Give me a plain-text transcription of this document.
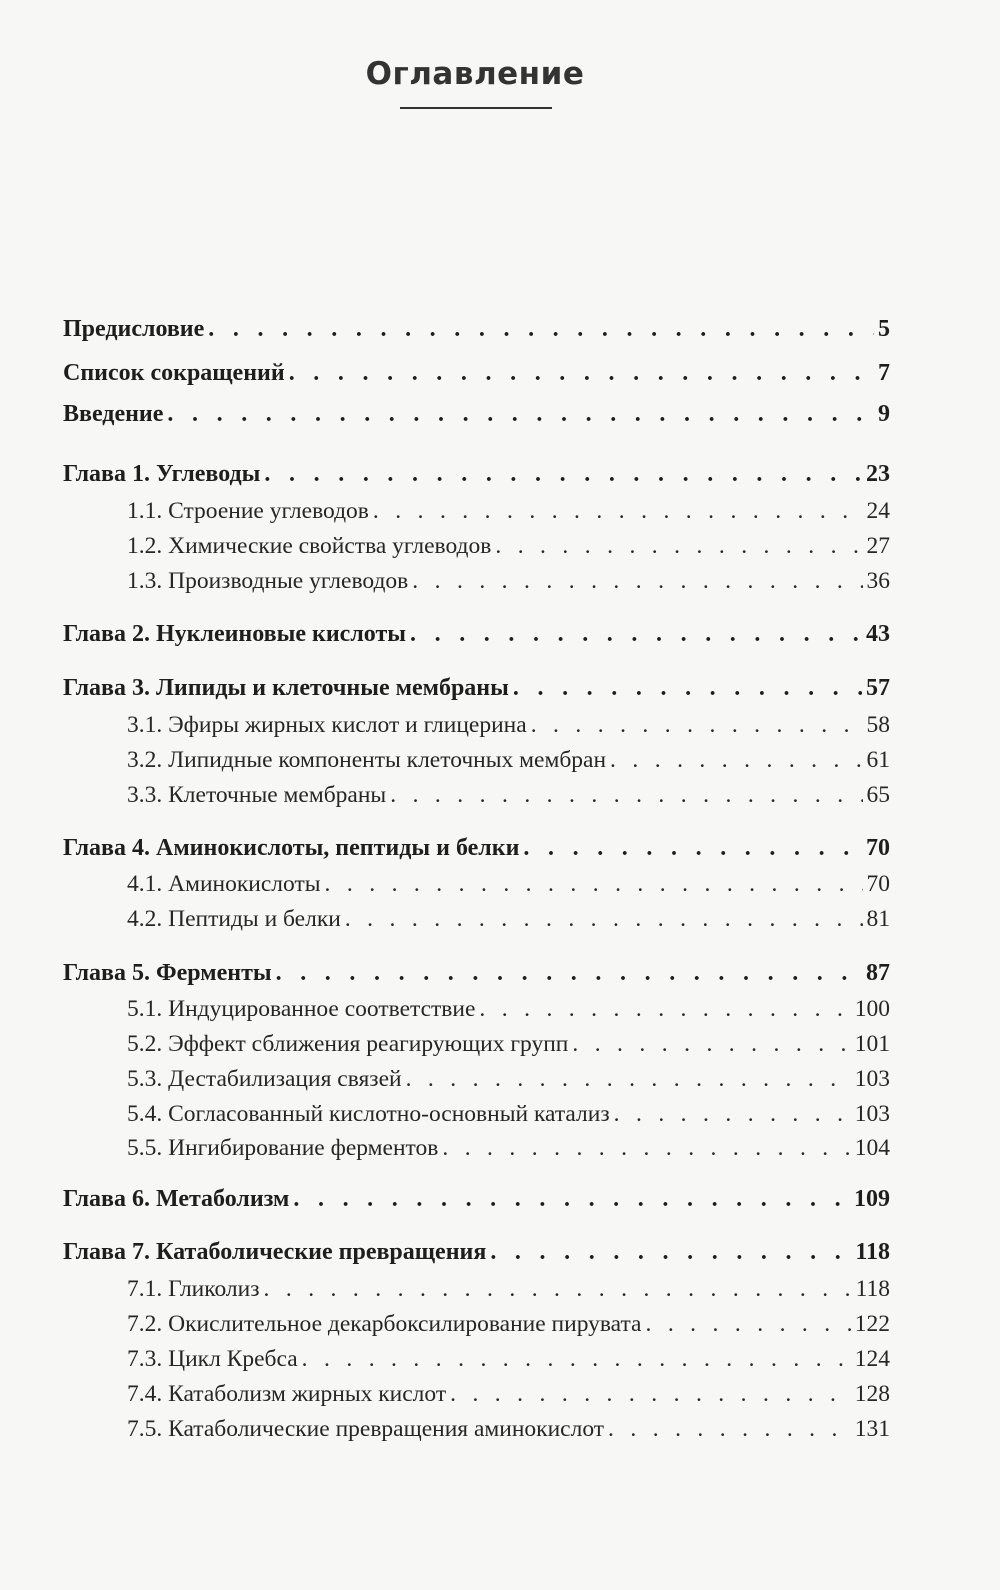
Оглавление
Предисловие . . .	5
Список сокращений . . .	7
Введение . . .	9
Глава 1. Углеводы . . .	23
1.1. Строение углеводов . . .	24
1.2. Химические свойства углеводов . . .	27
1.3. Производные углеводов . . .	36
Глава 2. Нуклеиновые кислоты . . .	43
Глава 3. Липиды и клеточные мембраны . . .	57
3.1. Эфиры жирных кислот и глицерина . . .	58
3.2. Липидные компоненты клеточных мембран . . .	61
3.3. Клеточные мембраны . . .	65
Глава 4. Аминокислоты, пептиды и белки . . .	70
4.1. Аминокислоты . . .	70
4.2. Пептиды и белки . . .	81
Глава 5. Ферменты . . .	87
5.1. Индуцированное соответствие . . .	100
5.2. Эффект сближения реагирующих групп . . .	101
5.3. Дестабилизация связей . . .	103
5.4. Согласованный кислотно-основный катализ . . .	103
5.5. Ингибирование ферментов . . .	104
Глава 6. Метаболизм . . .	109
Глава 7. Катаболические превращения . . .	118
7.1. Гликолиз . . .	118
7.2. Окислительное декарбоксилирование пирувата . . .	122
7.3. Цикл Кребса . . .	124
7.4. Катаболизм жирных кислот . . .	128
7.5. Катаболические превращения аминокислот . . .	131
